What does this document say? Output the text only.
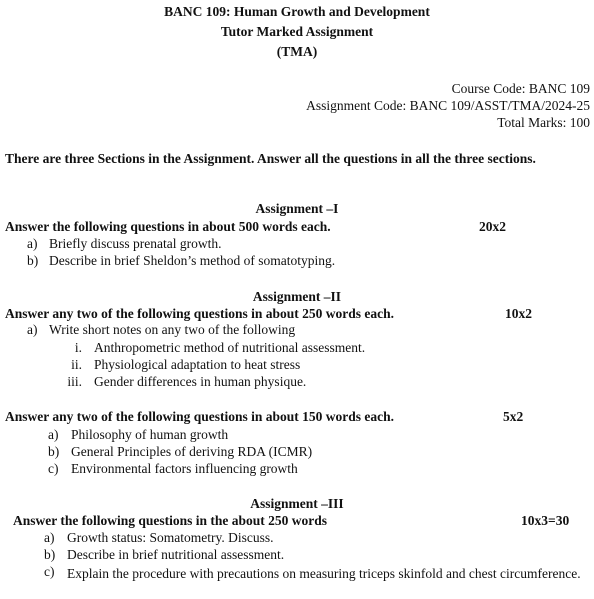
BANC 109: Human Growth and Development
Tutor Marked Assignment
(TMA)
Course Code: BANC 109
Assignment Code: BANC 109/ASST/TMA/2024-25
Total Marks: 100
There are three Sections in the Assignment. Answer all the questions in all the three sections.
Assignment –I
Answer the following questions in about 500 words each.	20x2
a) Briefly discuss prenatal growth.
b) Describe in brief Sheldon’s method of somatotyping.
Assignment –II
Answer any two of the following questions in about 250 words each.	10x2
a) Write short notes on any two of the following
i. Anthropometric method of nutritional assessment.
ii. Physiological adaptation to heat stress
iii. Gender differences in human physique.
Answer any two of the following questions in about 150 words each.	5x2
a) Philosophy of human growth
b) General Principles of deriving RDA (ICMR)
c) Environmental factors influencing growth
Assignment –III
Answer the following questions in the about 250 words	10x3=30
a) Growth status: Somatometry. Discuss.
b) Describe in brief nutritional assessment.
c) Explain the procedure with precautions on measuring triceps skinfold and chest circumference.
